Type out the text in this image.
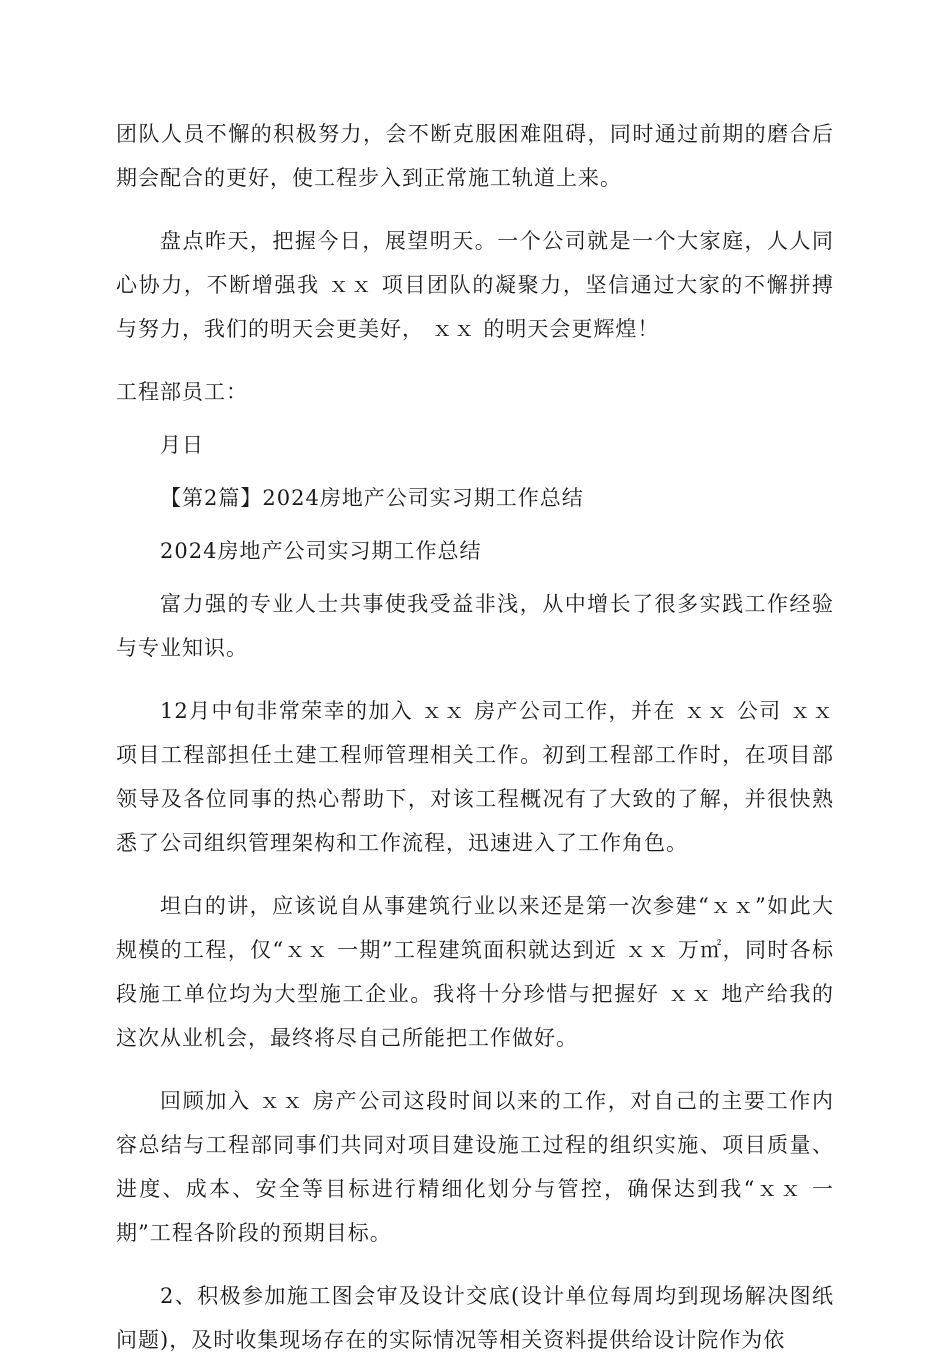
团队人员不懈的积极努力，会不断克服困难阻碍，同时通过前期的磨合后期会配合的更好，使工程步入到正常施工轨道上来。

盘点昨天，把握今日，展望明天。一个公司就是一个大家庭，人人同心协力，不断增强我 ｘｘ 项目团队的凝聚力，坚信通过大家的不懈拼搏与努力，我们的明天会更美好， ｘｘ 的明天会更辉煌！

工程部员工：

月日

【第2篇】2024房地产公司实习期工作总结

2024房地产公司实习期工作总结

富力强的专业人士共事使我受益非浅，从中增长了很多实践工作经验与专业知识。

12月中旬非常荣幸的加入 ｘｘ 房产公司工作，并在 ｘｘ 公司 ｘｘ 项目工程部担任土建工程师管理相关工作。初到工程部工作时，在项目部领导及各位同事的热心帮助下，对该工程概况有了大致的了解，并很快熟悉了公司组织管理架构和工作流程，迅速进入了工作角色。

坦白的讲，应该说自从事建筑行业以来还是第一次参建“ｘｘ”如此大规模的工程，仅“ｘｘ 一期”工程建筑面积就达到近 ｘｘ 万㎡，同时各标段施工单位均为大型施工企业。我将十分珍惜与把握好 ｘｘ 地产给我的这次从业机会，最终将尽自己所能把工作做好。

回顾加入 ｘｘ 房产公司这段时间以来的工作，对自己的主要工作内容总结与工程部同事们共同对项目建设施工过程的组织实施、项目质量、进度、成本、安全等目标进行精细化划分与管控，确保达到我“ｘｘ 一期”工程各阶段的预期目标。

2、积极参加施工图会审及设计交底(设计单位每周均到现场解决图纸问题)，及时收集现场存在的实际情况等相关资料提供给设计院作为依
